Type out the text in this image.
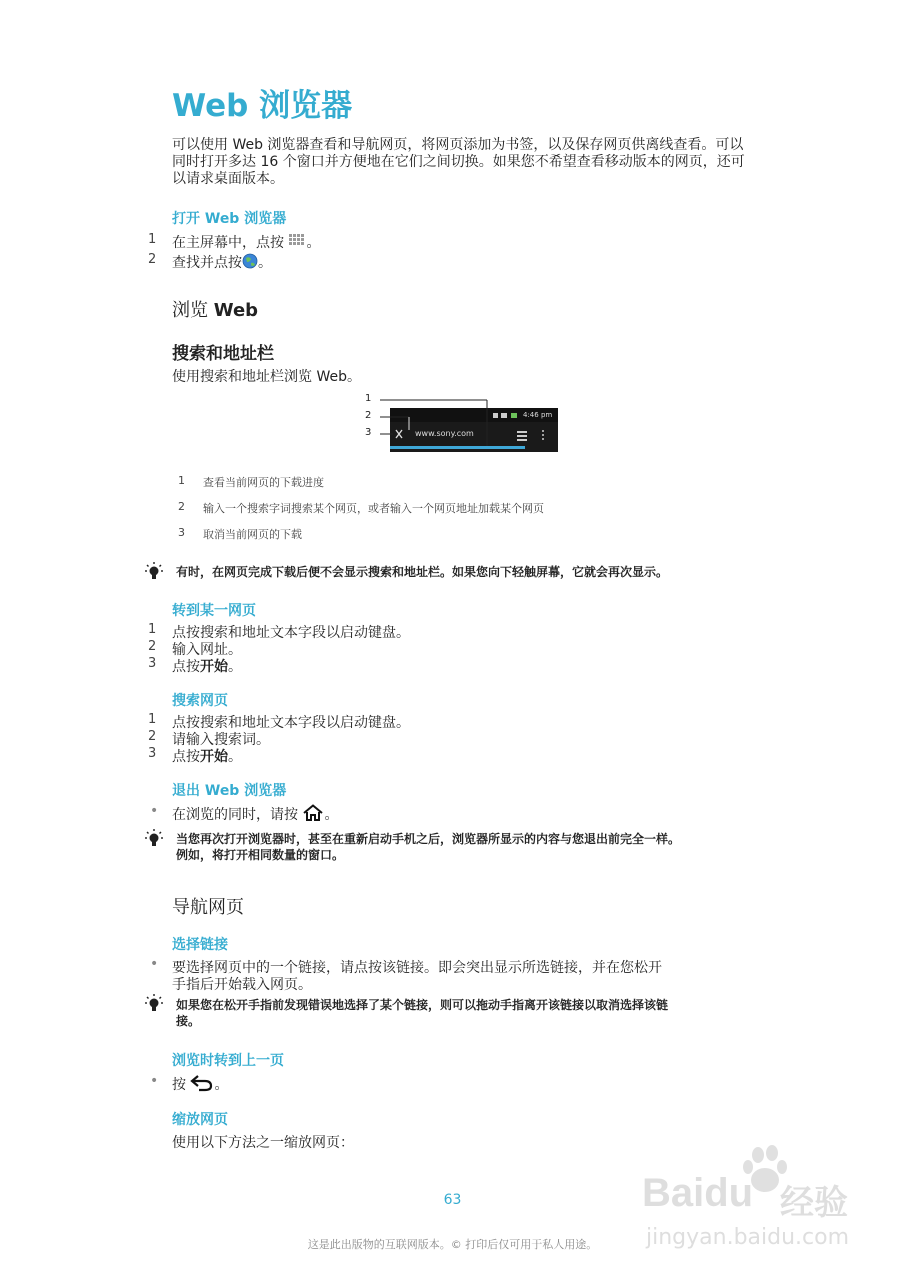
Web 浏览器
可以使用 Web 浏览器查看和导航网页，将网页添加为书签，以及保存网页供离线查看。可以同时打开多达 16 个窗口并方便地在它们之间切换。如果您不希望查看移动版本的网页，还可以请求桌面版本。
打开 Web 浏览器
1 在主屏幕中，点按 。
2 查找并点按 。
浏览 Web
搜索和地址栏
使用搜索和地址栏浏览 Web。
1
2
3
4:46 pm
www.sony.com
1 查看当前网页的下载进度
2 输入一个搜索字词搜索某个网页，或者输入一个网页地址加载某个网页
3 取消当前网页的下载
有时，在网页完成下载后便不会显示搜索和地址栏。如果您向下轻触屏幕，它就会再次显示。
转到某一网页
1 点按搜索和地址文本字段以启动键盘。
2 输入网址。
3 点按开始。
搜索网页
1 点按搜索和地址文本字段以启动键盘。
2 请输入搜索词。
3 点按开始。
退出 Web 浏览器
• 在浏览的同时，请按 。
当您再次打开浏览器时，甚至在重新启动手机之后，浏览器所显示的内容与您退出前完全一样。
例如，将打开相同数量的窗口。
导航网页
选择链接
• 要选择网页中的一个链接，请点按该链接。即会突出显示所选链接，并在您松开
手指后开始载入网页。
如果您在松开手指前发现错误地选择了某个链接，则可以拖动手指离开该链接以取消选择该链
接。
浏览时转到上一页
• 按 。
缩放网页
使用以下方法之一缩放网页：
63
这是此出版物的互联网版本。© 打印后仅可用于私人用途。
Baidu 经验
jingyan.baidu.com
